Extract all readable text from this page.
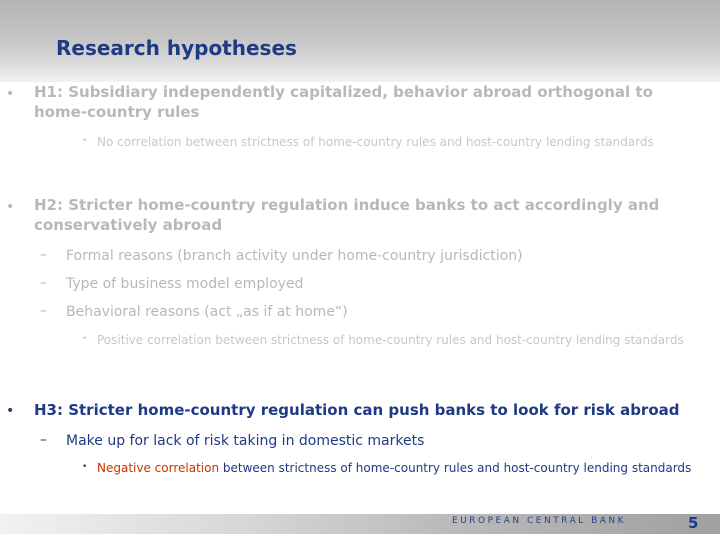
Research hypotheses
• H1: Subsidiary independently capitalized, behavior abroad orthogonal to home-country rules
• No correlation between strictness of home-country rules and host-country lending standards
• H2: Stricter home-country regulation induce banks to act accordingly and conservatively abroad
– Formal reasons (branch activity under home-country jurisdiction)
– Type of business model employed
– Behavioral reasons (act „as if at home“)
• Positive correlation between strictness of home-country rules and host-country lending standards
• H3: Stricter home-country regulation can push banks to look for risk abroad
– Make up for lack of risk taking in domestic markets
• Negative correlation between strictness of home-country rules and host-country lending standards
EUROPEAN CENTRAL BANK	5
